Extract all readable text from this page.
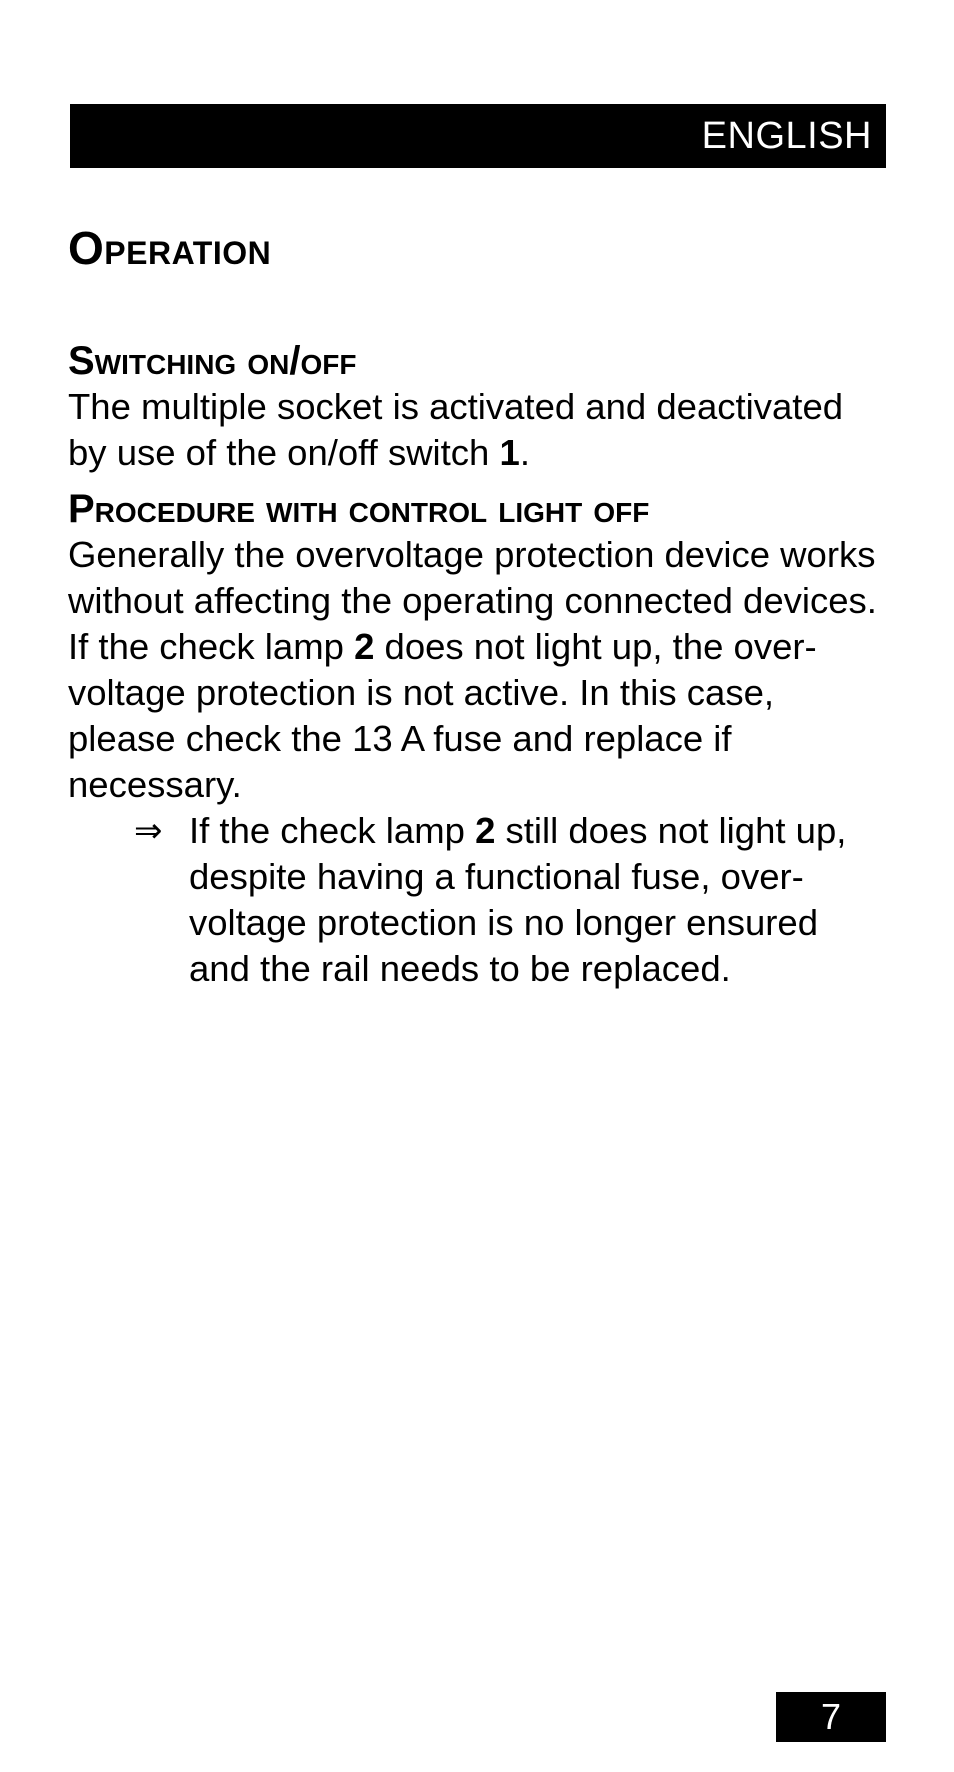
ENGLISH
Operation
Switching on/off

The multiple socket is activated and deactivated by use of the on/off switch 1.

Procedure with control light off

Generally the overvoltage protection device works without affecting the operating connected devices.

If the check lamp 2 does not light up, the over-voltage protection is not active. In this case, please check the 13 A fuse and replace if necessary.

⇒ If the check lamp 2 still does not light up, despite having a functional fuse, over-voltage protection is no longer ensured and the rail needs to be replaced.

7
